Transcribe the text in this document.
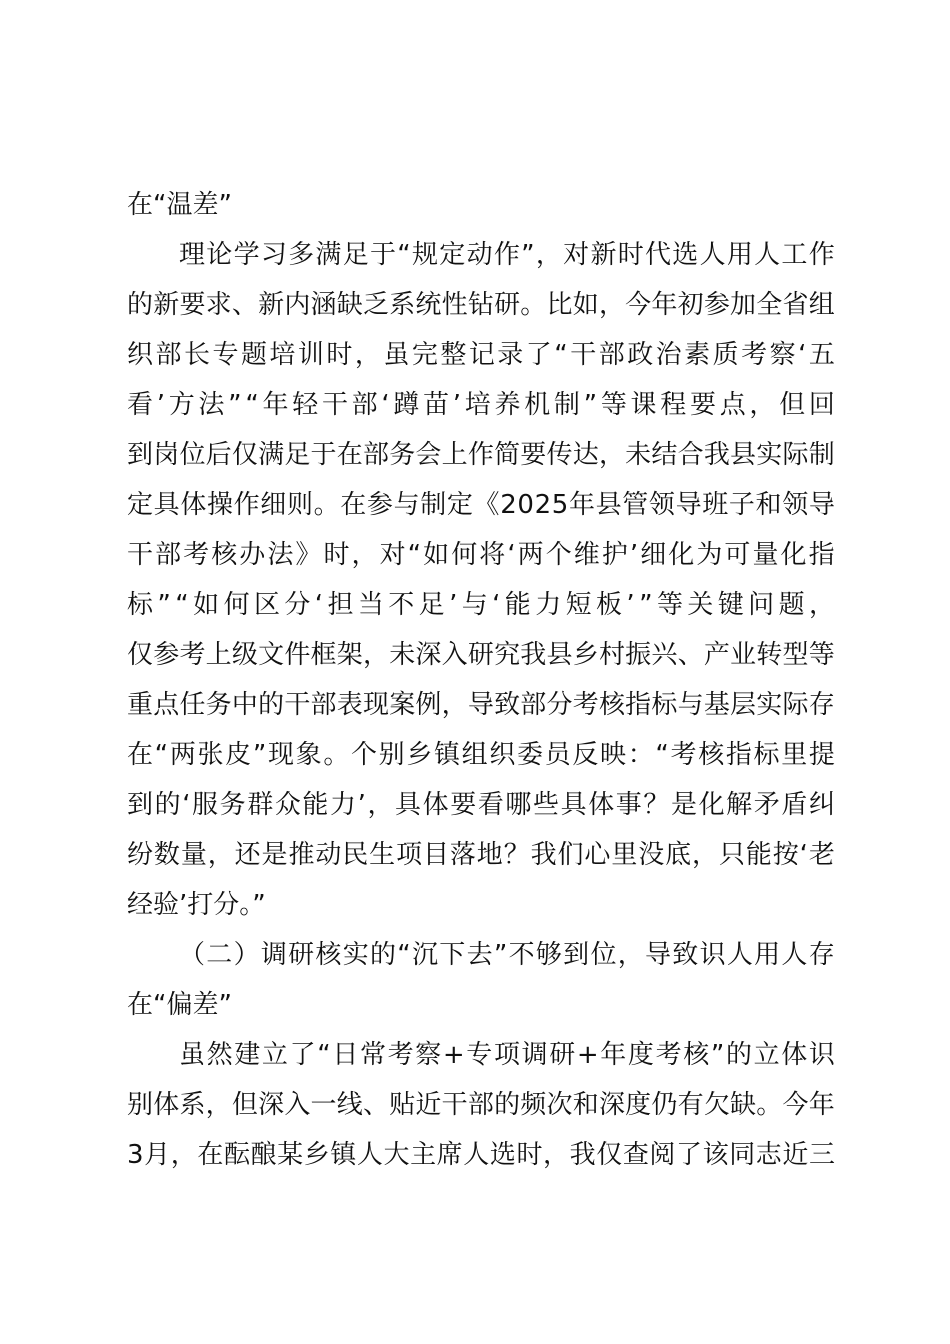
在“温差”
理 论 学 习 多 满 足 于 “ 规 定 动 作 ” ， 对 新 时 代 选 人 用 人 工 作
的 新 要 求 、 新 内 涵 缺 乏 系 统 性 钻 研 。 比 如 ， 今 年 初 参 加 全 省 组
织 部 长 专 题 培 训 时 ， 虽 完 整 记 录 了 “ 干 部 政 治 素 质 考 察 ‘ 五
看 ’ 方 法 ” “ 年 轻 干 部 ‘ 蹲 苗 ’ 培 养 机 制 ” 等 课 程 要 点 ， 但 回
到 岗 位 后 仅 满 足 于 在 部 务 会 上 作 简 要 传 达 ， 未 结 合 我 县 实 际 制
定 具 体 操 作 细 则 。 在 参 与 制 定 《 2 0 2 5 年 县 管 领 导 班 子 和 领 导
干 部 考 核 办 法 》 时 ， 对 “ 如 何 将 ‘ 两 个 维 护 ’ 细 化 为 可 量 化 指
标 ” “ 如 何 区 分 ‘ 担 当 不 足 ’ 与 ‘ 能 力 短 板 ’ ” 等 关 键 问 题 ，
仅 参 考 上 级 文 件 框 架 ， 未 深 入 研 究 我 县 乡 村 振 兴 、 产 业 转 型 等
重 点 任 务 中 的 干 部 表 现 案 例 ， 导 致 部 分 考 核 指 标 与 基 层 实 际 存
在 “ 两 张 皮 ” 现 象 。 个 别 乡 镇 组 织 委 员 反 映 ： “ 考 核 指 标 里 提
到 的 ‘ 服 务 群 众 能 力 ’ ， 具 体 要 看 哪 些 具 体 事 ？ 是 化 解 矛 盾 纠
纷 数 量 ， 还 是 推 动 民 生 项 目 落 地 ？ 我 们 心 里 没 底 ， 只 能 按 ‘ 老
经验’打分。”
（ 二 ） 调 研 核 实 的 “ 沉 下 去 ” 不 够 到 位 ， 导 致 识 人 用 人 存
在“偏差”
虽 然 建 立 了 “ 日 常 考 察 + 专 项 调 研 + 年 度 考 核 ” 的 立 体 识
别 体 系 ， 但 深 入 一 线 、 贴 近 干 部 的 频 次 和 深 度 仍 有 欠 缺 。 今 年
3 月 ， 在 酝 酿 某 乡 镇 人 大 主 席 人 选 时 ， 我 仅 查 阅 了 该 同 志 近 三
